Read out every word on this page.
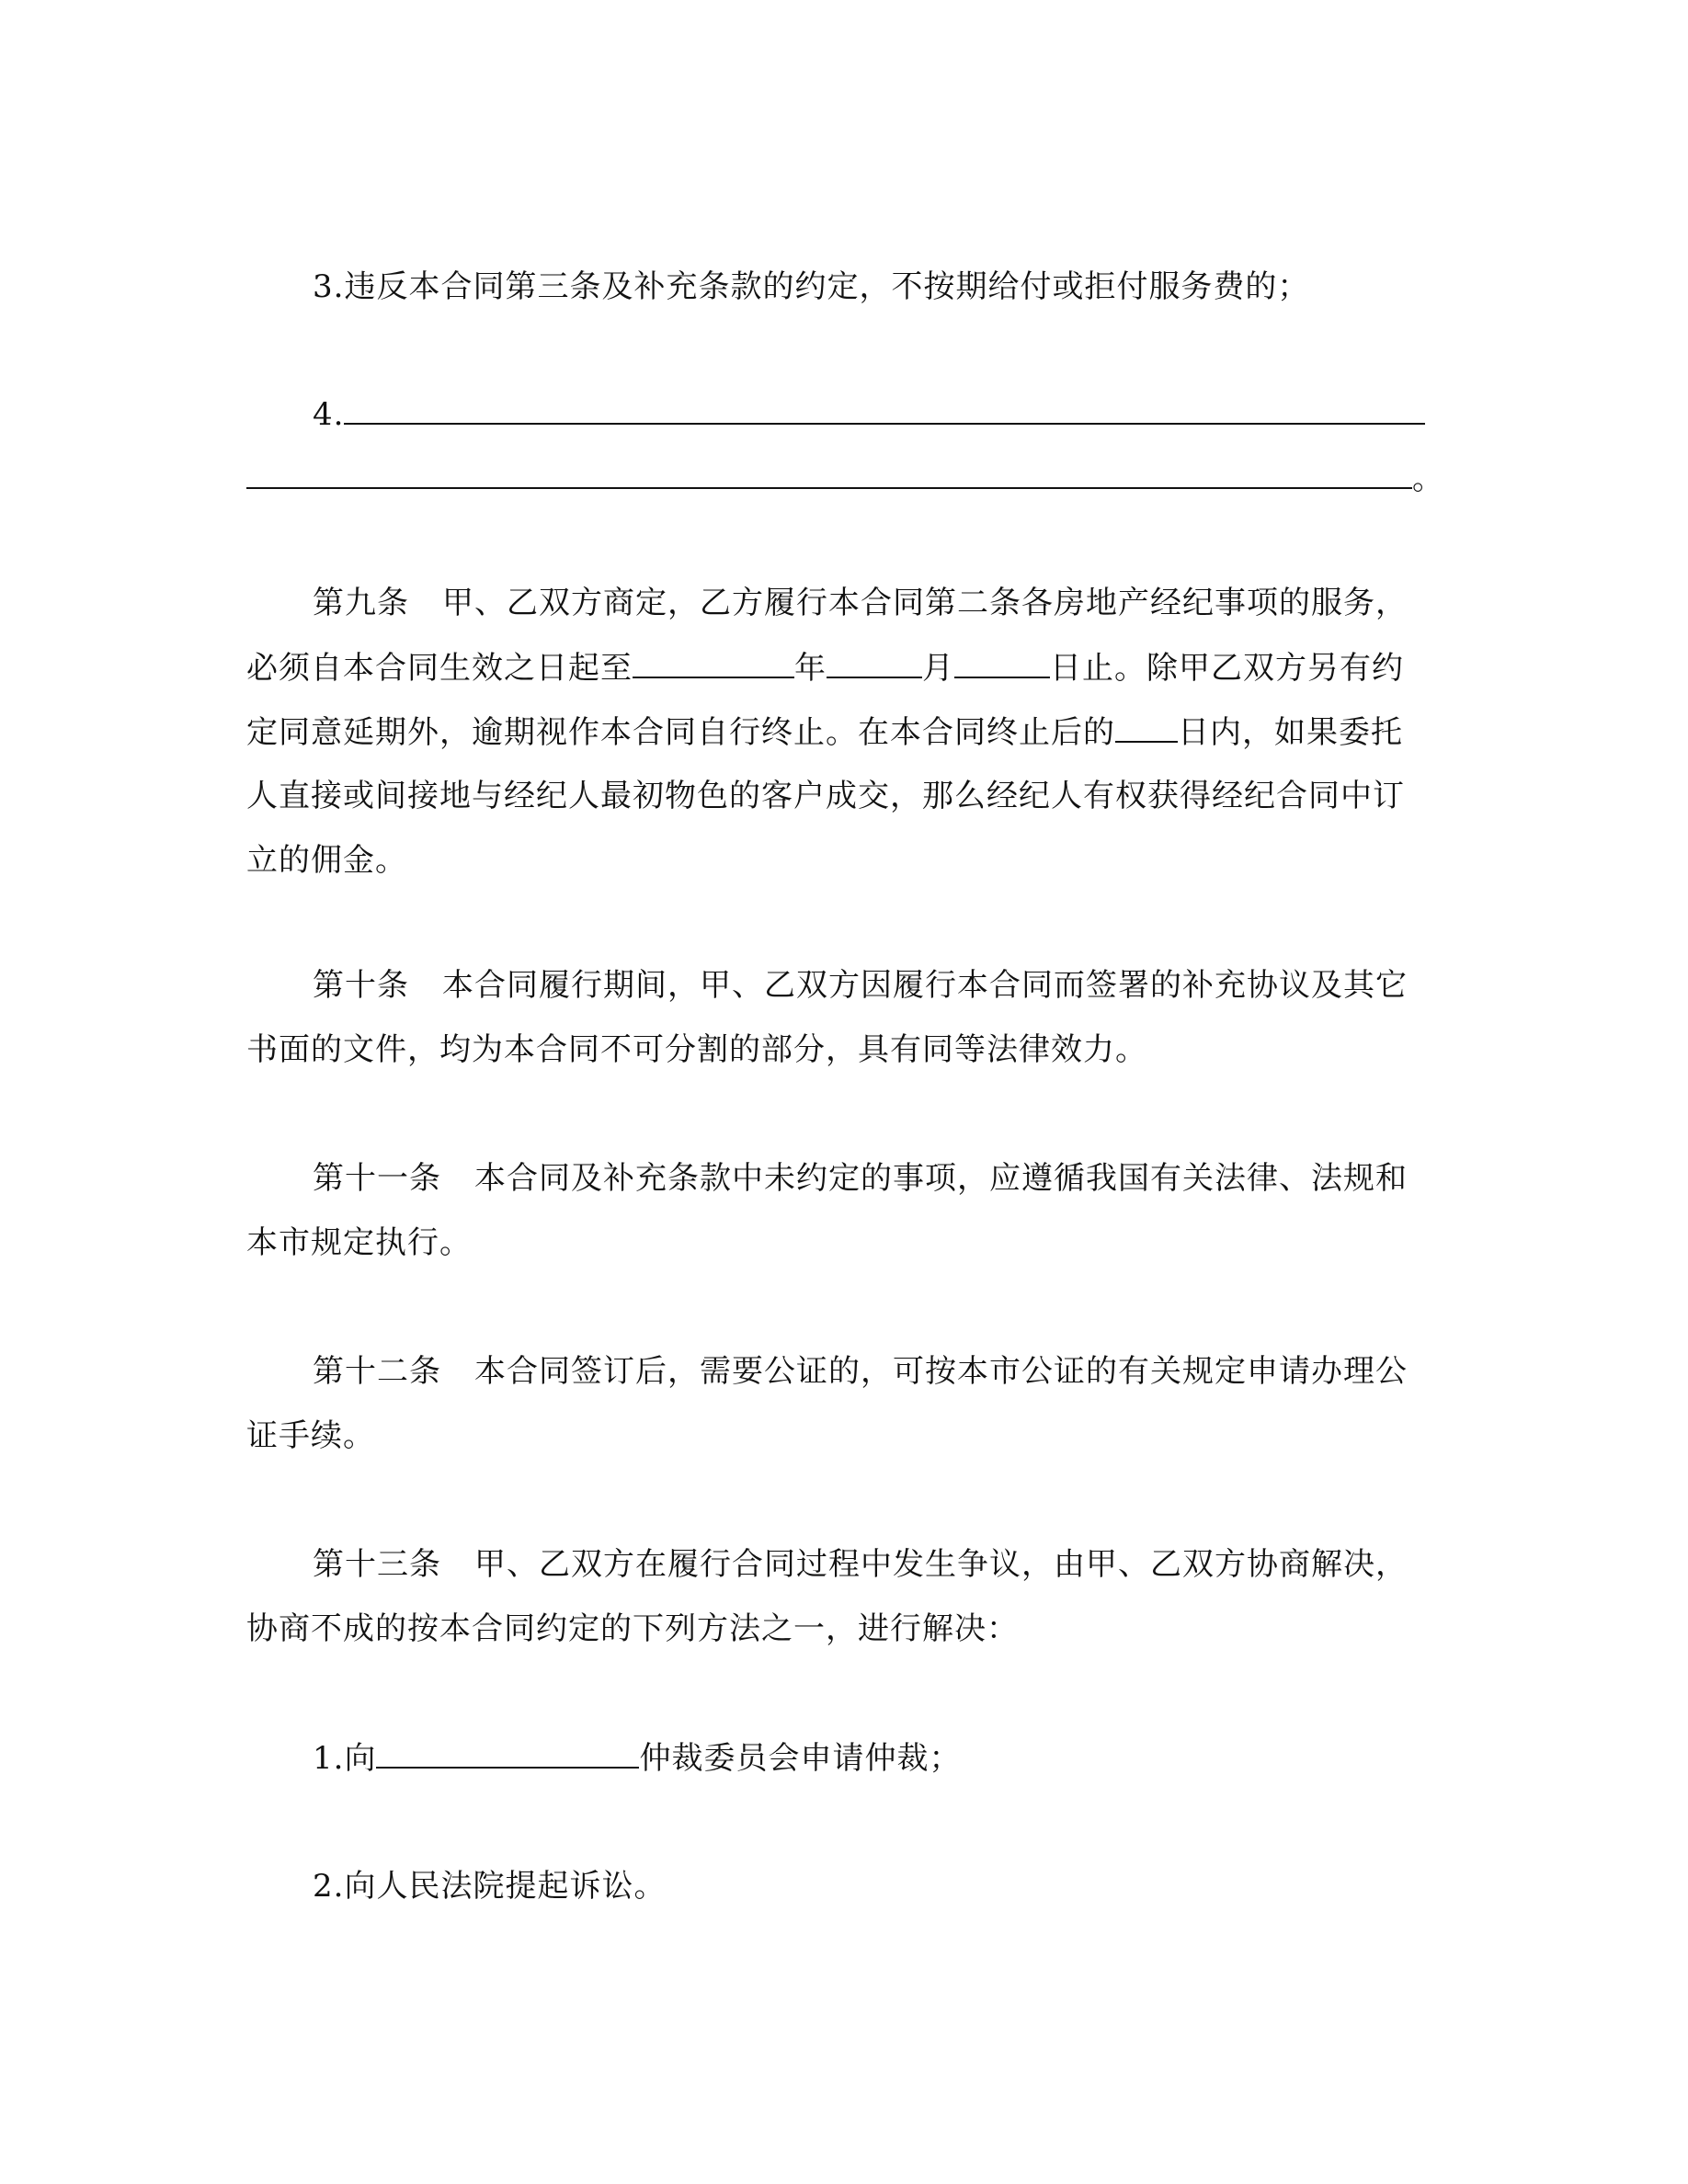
3.违反本合同第三条及补充条款的约定，不按期给付或拒付服务费的；
4.
。
第九条 甲、乙双方商定，乙方履行本合同第二条各房地产经纪事项的服务，
必须自本合同生效之日起至	年	月	日止。除甲乙双方另有约
定同意延期外，逾期视作本合同自行终止。在本合同终止后的 日内，如果委托
人直接或间接地与经纪人最初物色的客户成交，那么经纪人有权获得经纪合同中订
立的佣金。
第十条 本合同履行期间，甲、乙双方因履行本合同而签署的补充协议及其它
书面的文件，均为本合同不可分割的部分，具有同等法律效力。
第十一条 本合同及补充条款中未约定的事项，应遵循我国有关法律、法规和
本市规定执行。
第十二条 本合同签订后，需要公证的，可按本市公证的有关规定申请办理公
证手续。
第十三条 甲、乙双方在履行合同过程中发生争议，由甲、乙双方协商解决，
协商不成的按本合同约定的下列方法之一，进行解决：
1.向	仲裁委员会申请仲裁；
2.向人民法院提起诉讼。
